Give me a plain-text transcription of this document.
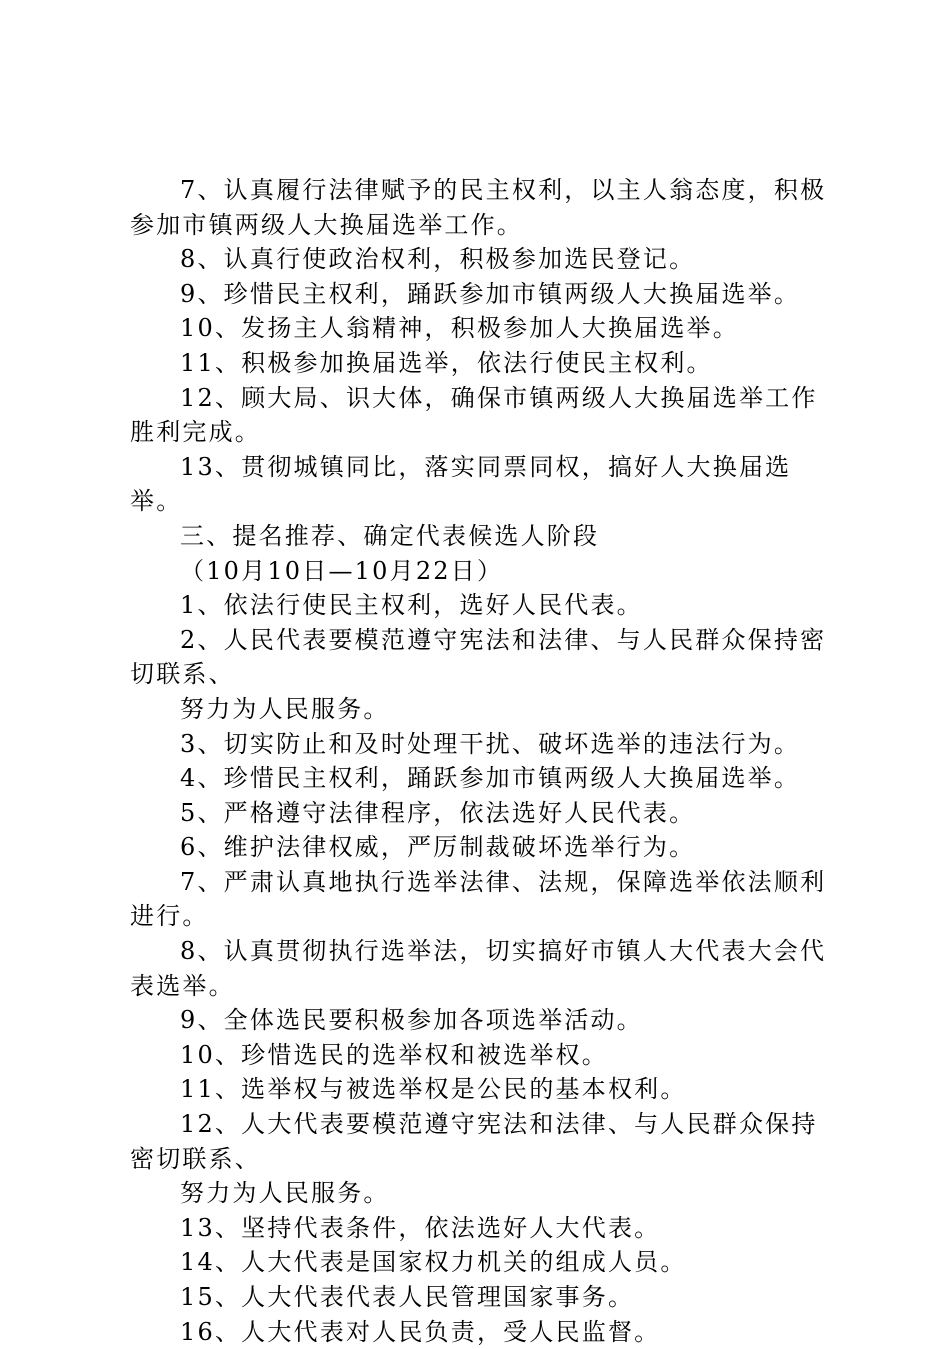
7、认真履行法律赋予的民主权利，以主人翁态度，积极参加市镇两级人大换届选举工作。

8、认真行使政治权利，积极参加选民登记。

9、珍惜民主权利，踊跃参加市镇两级人大换届选举。

10、发扬主人翁精神，积极参加人大换届选举。

11、积极参加换届选举，依法行使民主权利。

12、顾大局、识大体，确保市镇两级人大换届选举工作胜利完成。

13、贯彻城镇同比，落实同票同权，搞好人大换届选举。

三、提名推荐、确定代表候选人阶段

（10月10日—10月22日）

1、依法行使民主权利，选好人民代表。

2、人民代表要模范遵守宪法和法律、与人民群众保持密切联系、

努力为人民服务。

3、切实防止和及时处理干扰、破坏选举的违法行为。

4、珍惜民主权利，踊跃参加市镇两级人大换届选举。

5、严格遵守法律程序，依法选好人民代表。

6、维护法律权威，严厉制裁破坏选举行为。

7、严肃认真地执行选举法律、法规，保障选举依法顺利进行。

8、认真贯彻执行选举法，切实搞好市镇人大代表大会代表选举。

9、全体选民要积极参加各项选举活动。

10、珍惜选民的选举权和被选举权。

11、选举权与被选举权是公民的基本权利。

12、人大代表要模范遵守宪法和法律、与人民群众保持密切联系、

努力为人民服务。

13、坚持代表条件，依法选好人大代表。

14、人大代表是国家权力机关的组成人员。

15、人大代表代表人民管理国家事务。

16、人大代表对人民负责，受人民监督。
